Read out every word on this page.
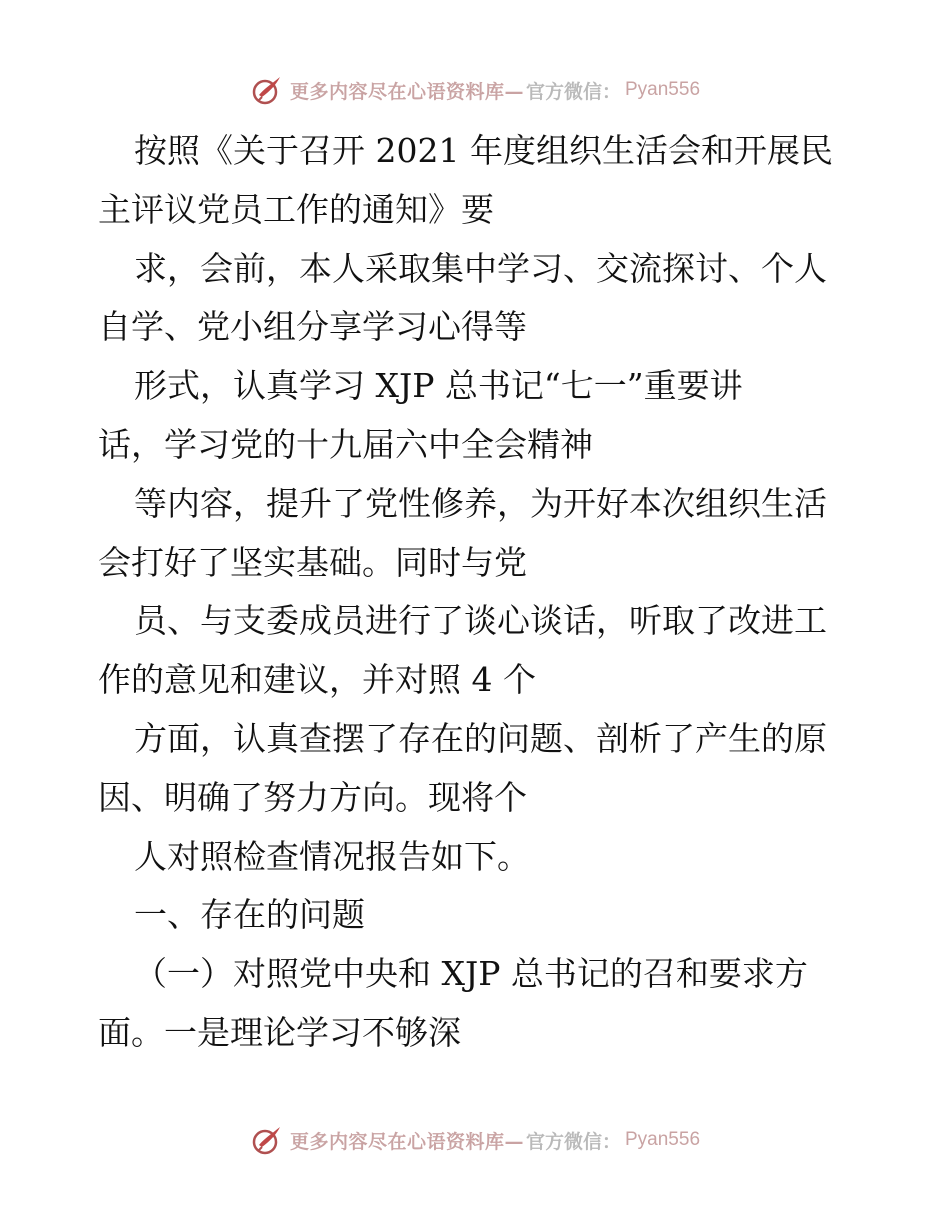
更多内容尽在心语资料库— 官方微信： Pyan556
按照《关于召开 2021 年度组织生活会和开展民
主评议党员工作的通知》要
求，会前，本人采取集中学习、交流探讨、个人
自学、党小组分享学习心得等
形式，认真学习 XJP 总书记“七一”重要讲
话，学习党的十九届六中全会精神
等内容，提升了党性修养，为开好本次组织生活
会打好了坚实基础。同时与党
员、与支委成员进行了谈心谈话，听取了改进工
作的意见和建议，并对照 4 个
方面，认真查摆了存在的问题、剖析了产生的原
因、明确了努力方向。现将个
人对照检查情况报告如下。
一、存在的问题
（一）对照党中央和 XJP 总书记的召和要求方
面。一是理论学习不够深
更多内容尽在心语资料库— 官方微信： Pyan556
